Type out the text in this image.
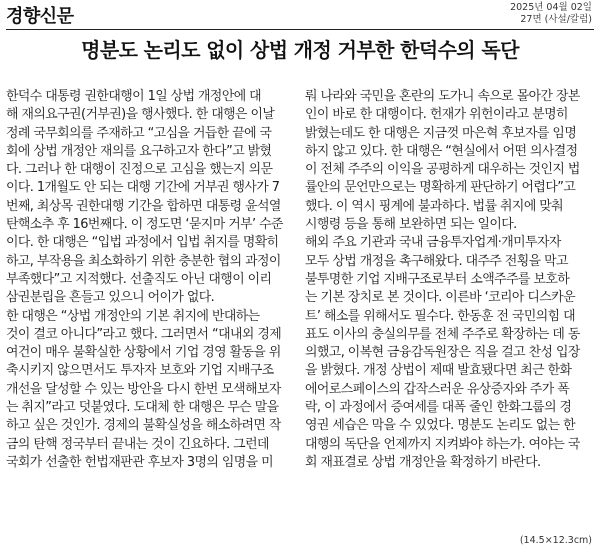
경향신문	2025년 04월 02일
27면 (사설/칼럼)
명분도 논리도 없이 상법 개정 거부한 한덕수의 독단
한덕수 대통령 권한대행이 1일 상법 개정안에 대
해 재의요구권(거부권)을 행사했다. 한 대행은 이날
정례 국무회의를 주재하고 “고심을 거듭한 끝에 국
회에 상법 개정안 재의를 요구하고자 한다”고 밝혔
다. 그러나 한 대행이 진정으로 고심을 했는지 의문
이다. 1개월도 안 되는 대행 기간에 거부권 행사가 7
번째, 최상목 권한대행 기간을 합하면 대통령 윤석열
탄핵소추 후 16번째다. 이 정도면 ‘묻지마 거부’ 수준
이다. 한 대행은 “입법 과정에서 입법 취지를 명확히
하고, 부작용을 최소화하기 위한 충분한 협의 과정이
부족했다”고 지적했다. 선출직도 아닌 대행이 이리
삼권분립을 흔들고 있으니 어이가 없다.
한 대행은 “상법 개정안의 기본 취지에 반대하는
것이 결코 아니다”라고 했다. 그러면서 “대내외 경제
여건이 매우 불확실한 상황에서 기업 경영 활동을 위
축시키지 않으면서도 투자자 보호와 기업 지배구조
개선을 달성할 수 있는 방안을 다시 한번 모색해보자
는 취지”라고 덧붙였다. 도대체 한 대행은 무슨 말을
하고 싶은 것인가. 경제의 불확실성을 해소하려면 작
금의 탄핵 정국부터 끝내는 것이 긴요하다. 그런데
국회가 선출한 헌법재판관 후보자 3명의 임명을 미
뤄 나라와 국민을 혼란의 도가니 속으로 몰아간 장본
인이 바로 한 대행이다. 헌재가 위헌이라고 분명히
밝혔는데도 한 대행은 지금껏 마은혁 후보자를 임명
하지 않고 있다. 한 대행은 “현실에서 어떤 의사결정
이 전체 주주의 이익을 공평하게 대우하는 것인지 법
률안의 문언만으로는 명확하게 판단하기 어렵다”고
했다. 이 역시 핑계에 불과하다. 법률 취지에 맞춰
시행령 등을 통해 보완하면 되는 일이다.
해외 주요 기관과 국내 금융투자업계·개미투자자
모두 상법 개정을 촉구해왔다. 대주주 전횡을 막고
불투명한 기업 지배구조로부터 소액주주를 보호하
는 기본 장치로 본 것이다. 이른바 ‘코리아 디스카운
트’ 해소를 위해서도 필수다. 한동훈 전 국민의힘 대
표도 이사의 충실의무를 전체 주주로 확장하는 데 동
의했고, 이복현 금융감독원장은 직을 걸고 찬성 입장
을 밝혔다. 개정 상법이 제때 발효됐다면 최근 한화
에어로스페이스의 갑작스러운 유상증자와 주가 폭
락, 이 과정에서 증여세를 대폭 줄인 한화그룹의 경
영권 세습은 막을 수 있었다. 명분도 논리도 없는 한
대행의 독단을 언제까지 지켜봐야 하는가. 여야는 국
회 재표결로 상법 개정안을 확정하기 바란다.
(14.5×12.3cm)
